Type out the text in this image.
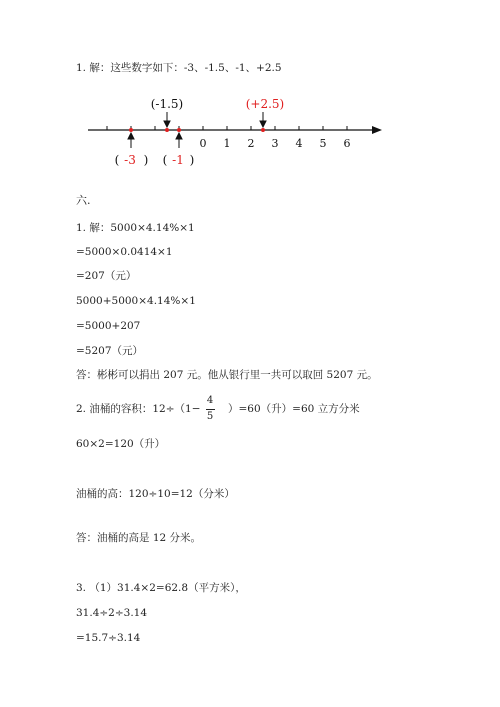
1. 解：这些数字如下：-3、-1.5、-1、+2.5
0 1 2 3 4 5 6
(-1.5)	(+2.5)
( -3 ) ( -1 )
六.
1. 解：5000×4.14%×1
=5000×0.0414×1
=207（元）
5000+5000×4.14%×1
=5000+207
=5207（元）
答：彬彬可以捐出 207 元。他从银行里一共可以取回 5207 元。
2. 油桶的容积：12÷（1−
4
5
）=60（升）=60 立方分米
60×2=120（升）
油桶的高：120÷10=12（分米）
答：油桶的高是 12 分米。
3. （1）31.4×2=62.8（平方米），
31.4÷2÷3.14
=15.7÷3.14
